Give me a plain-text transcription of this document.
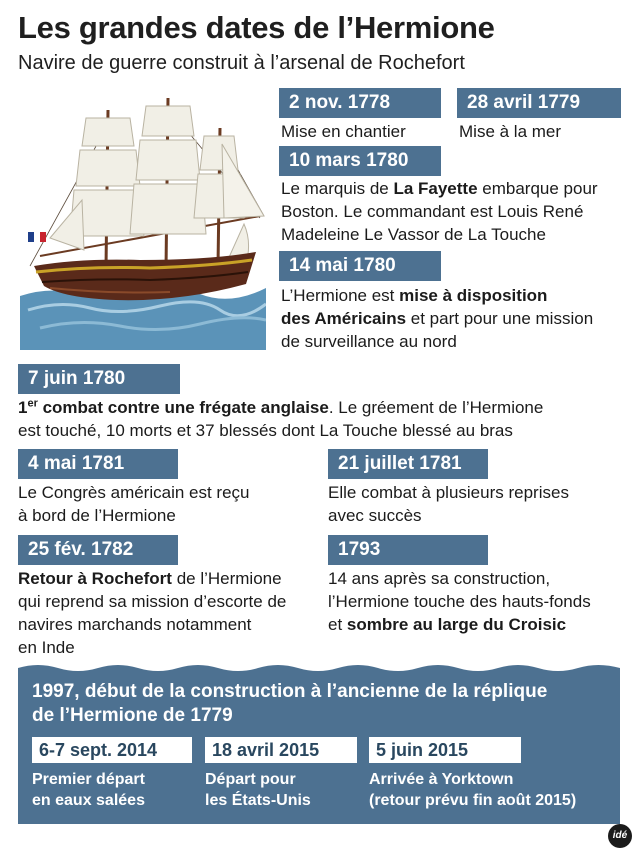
Les grandes dates de l’Hermione
Navire de guerre construit à l’arsenal de Rochefort
2 nov. 1778
Mise en chantier
28 avril 1779
Mise à la mer
10 mars 1780
Le marquis de La Fayette embarque pour
Boston. Le commandant est Louis René
Madeleine Le Vassor de La Touche
14 mai 1780
L’Hermione est mise à disposition
des Américains et part pour une mission
de surveillance au nord
7 juin 1780
1er combat contre une frégate anglaise. Le gréement de l’Hermione
est touché, 10 morts et 37 blessés dont La Touche blessé au bras
4 mai 1781
Le Congrès américain est reçu
à bord de l’Hermione
21 juillet 1781
Elle combat à plusieurs reprises
avec succès
25 fév. 1782
Retour à Rochefort de l’Hermione
qui reprend sa mission d’escorte de
navires marchands notamment
en Inde
1793
14 ans après sa construction,
l’Hermione touche des hauts-fonds
et sombre au large du Croisic
1997, début de la construction à l’ancienne de la réplique
de l’Hermione de 1779
6-7 sept. 2014
Premier départ
en eaux salées
18 avril 2015
Départ pour
les États-Unis
5 juin 2015
Arrivée à Yorktown
(retour prévu fin août 2015)
idé
